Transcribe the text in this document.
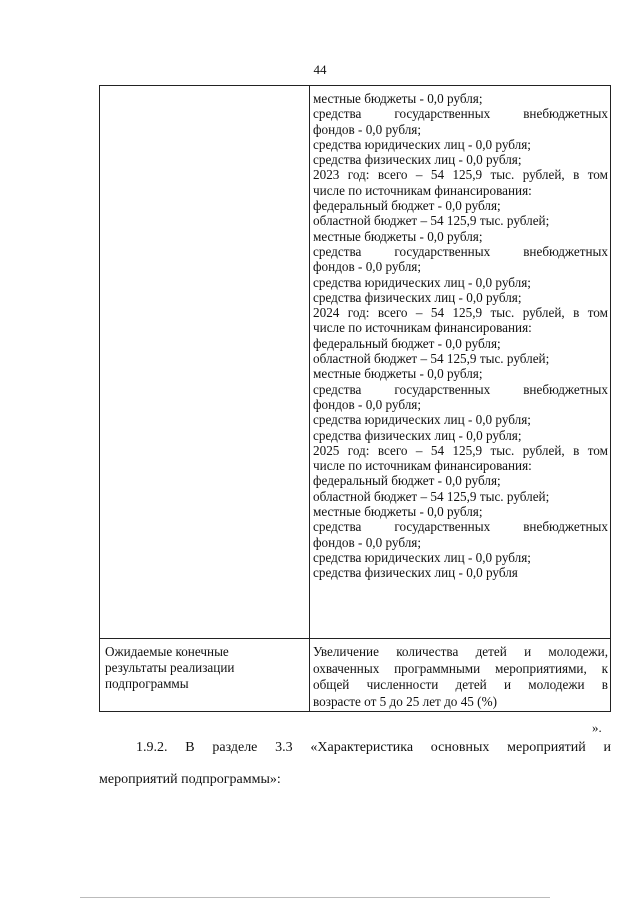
44
местные бюджеты - 0,0 рубля;
средства государственных внебюджетных
фондов - 0,0 рубля;
средства юридических лиц - 0,0 рубля;
средства физических лиц - 0,0 рубля;
2023 год: всего – 54 125,9 тыс. рублей, в том
числе по источникам финансирования:
федеральный бюджет - 0,0 рубля;
областной бюджет – 54 125,9 тыс. рублей;
местные бюджеты - 0,0 рубля;
средства государственных внебюджетных
фондов - 0,0 рубля;
средства юридических лиц - 0,0 рубля;
средства физических лиц - 0,0 рубля;
2024 год: всего – 54 125,9 тыс. рублей, в том
числе по источникам финансирования:
федеральный бюджет - 0,0 рубля;
областной бюджет – 54 125,9 тыс. рублей;
местные бюджеты - 0,0 рубля;
средства государственных внебюджетных
фондов - 0,0 рубля;
средства юридических лиц - 0,0 рубля;
средства физических лиц - 0,0 рубля;
2025 год: всего – 54 125,9 тыс. рублей, в том
числе по источникам финансирования:
федеральный бюджет - 0,0 рубля;
областной бюджет – 54 125,9 тыс. рублей;
местные бюджеты - 0,0 рубля;
средства государственных внебюджетных
фондов - 0,0 рубля;
средства юридических лиц - 0,0 рубля;
средства физических лиц - 0,0 рубля
Ожидаемые конечные
результаты реализации
подпрограммы
Увеличение количества детей и молодежи,
охваченных программными мероприятиями, к
общей численности детей и молодежи в
возрасте от 5 до 25 лет до 45 (%)
».
1.9.2. В разделе 3.3 «Характеристика основных мероприятий и
мероприятий подпрограммы»:
